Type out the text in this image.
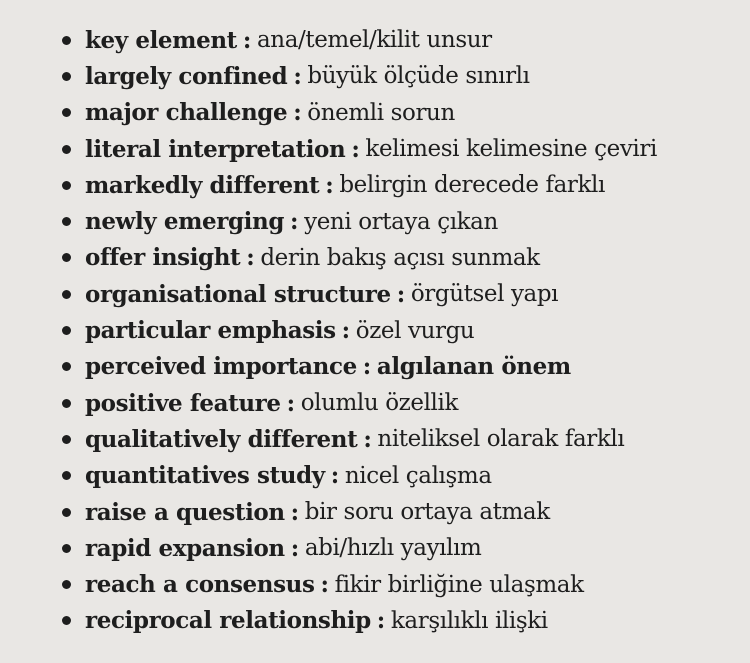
key element : ana/temel/kilit unsur
largely confined : büyük ölçüde sınırlı
major challenge : önemli sorun
literal interpretation : kelimesi kelimesine çeviri
markedly different : belirgin derecede farklı
newly emerging : yeni ortaya çıkan
offer insight : derin bakış açısı sunmak
organisational structure : örgütsel yapı
particular emphasis : özel vurgu
perceived importance : algılanan önem
positive feature : olumlu özellik
qualitatively different : niteliksel olarak farklı
quantitatives study : nicel çalışma
raise a question : bir soru ortaya atmak
rapid expansion : abi/hızlı yayılım
reach a consensus : fikir birliğine ulaşmak
reciprocal relationship : karşılıklı ilişki
